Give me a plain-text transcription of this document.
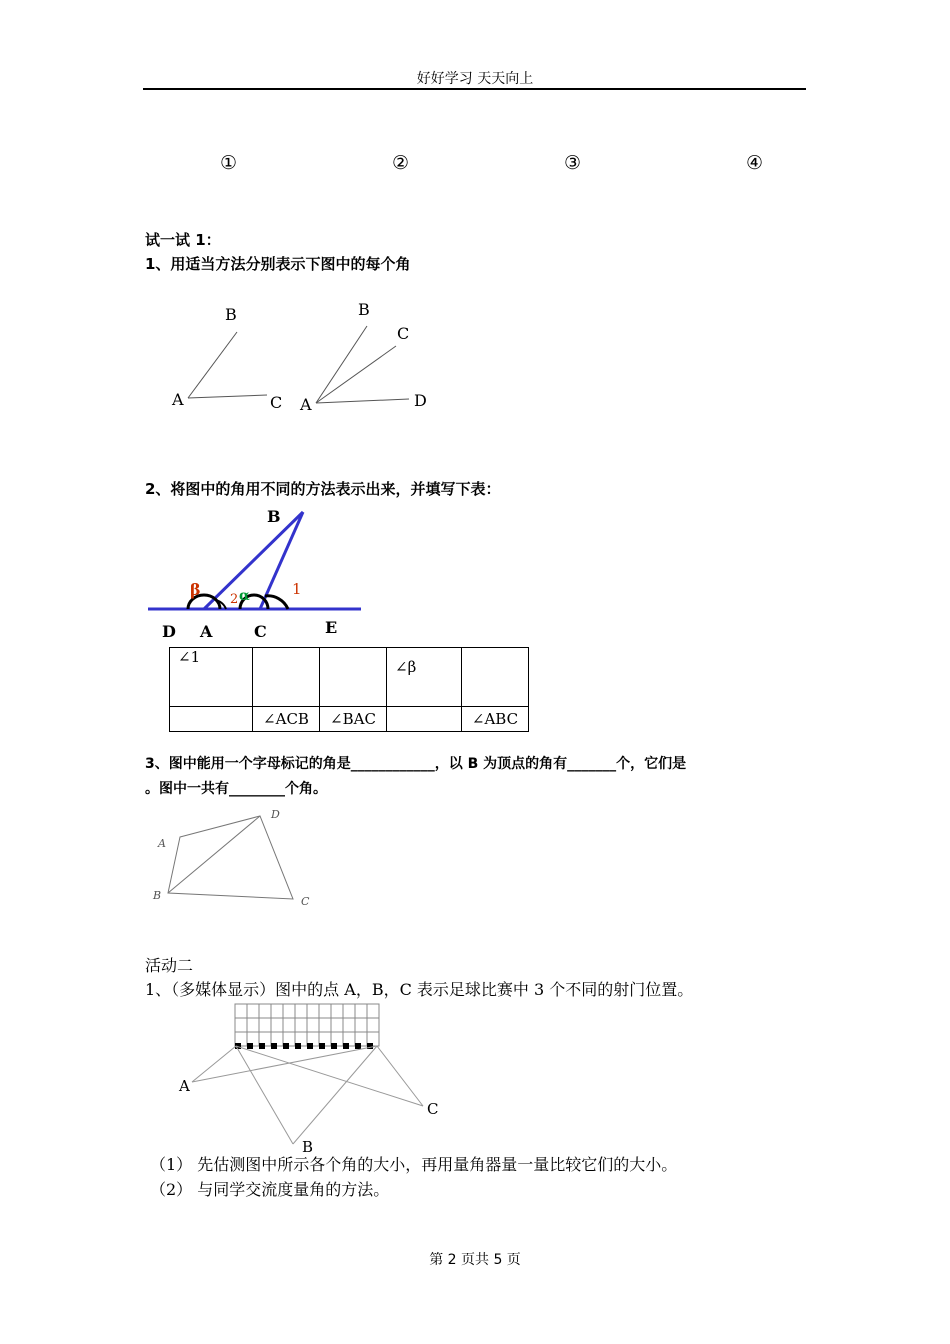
好好学习 天天向上
①	②	③	④
试一试 1：
1、用适当方法分别表示下图中的每个角
B
A	C
B
C
A	D
2、将图中的角用不同的方法表示出来，并填写下表：
B
β
2 α	1
D A	C	E
∠1			∠β	
	∠ACB	∠BAC		∠ABC
3、图中能用一个字母标记的角是____________，以 B 为顶点的角有_______个，它们是
。图中一共有________个角。
A
D
B	C
活动二
1、（多媒体显示）图中的点 A，B，C 表示足球比赛中 3 个不同的射门位置。
A
C
B
（1） 先估测图中所示各个角的大小，再用量角器量一量比较它们的大小。
（2） 与同学交流度量角的方法。
第 2 页共 5 页
